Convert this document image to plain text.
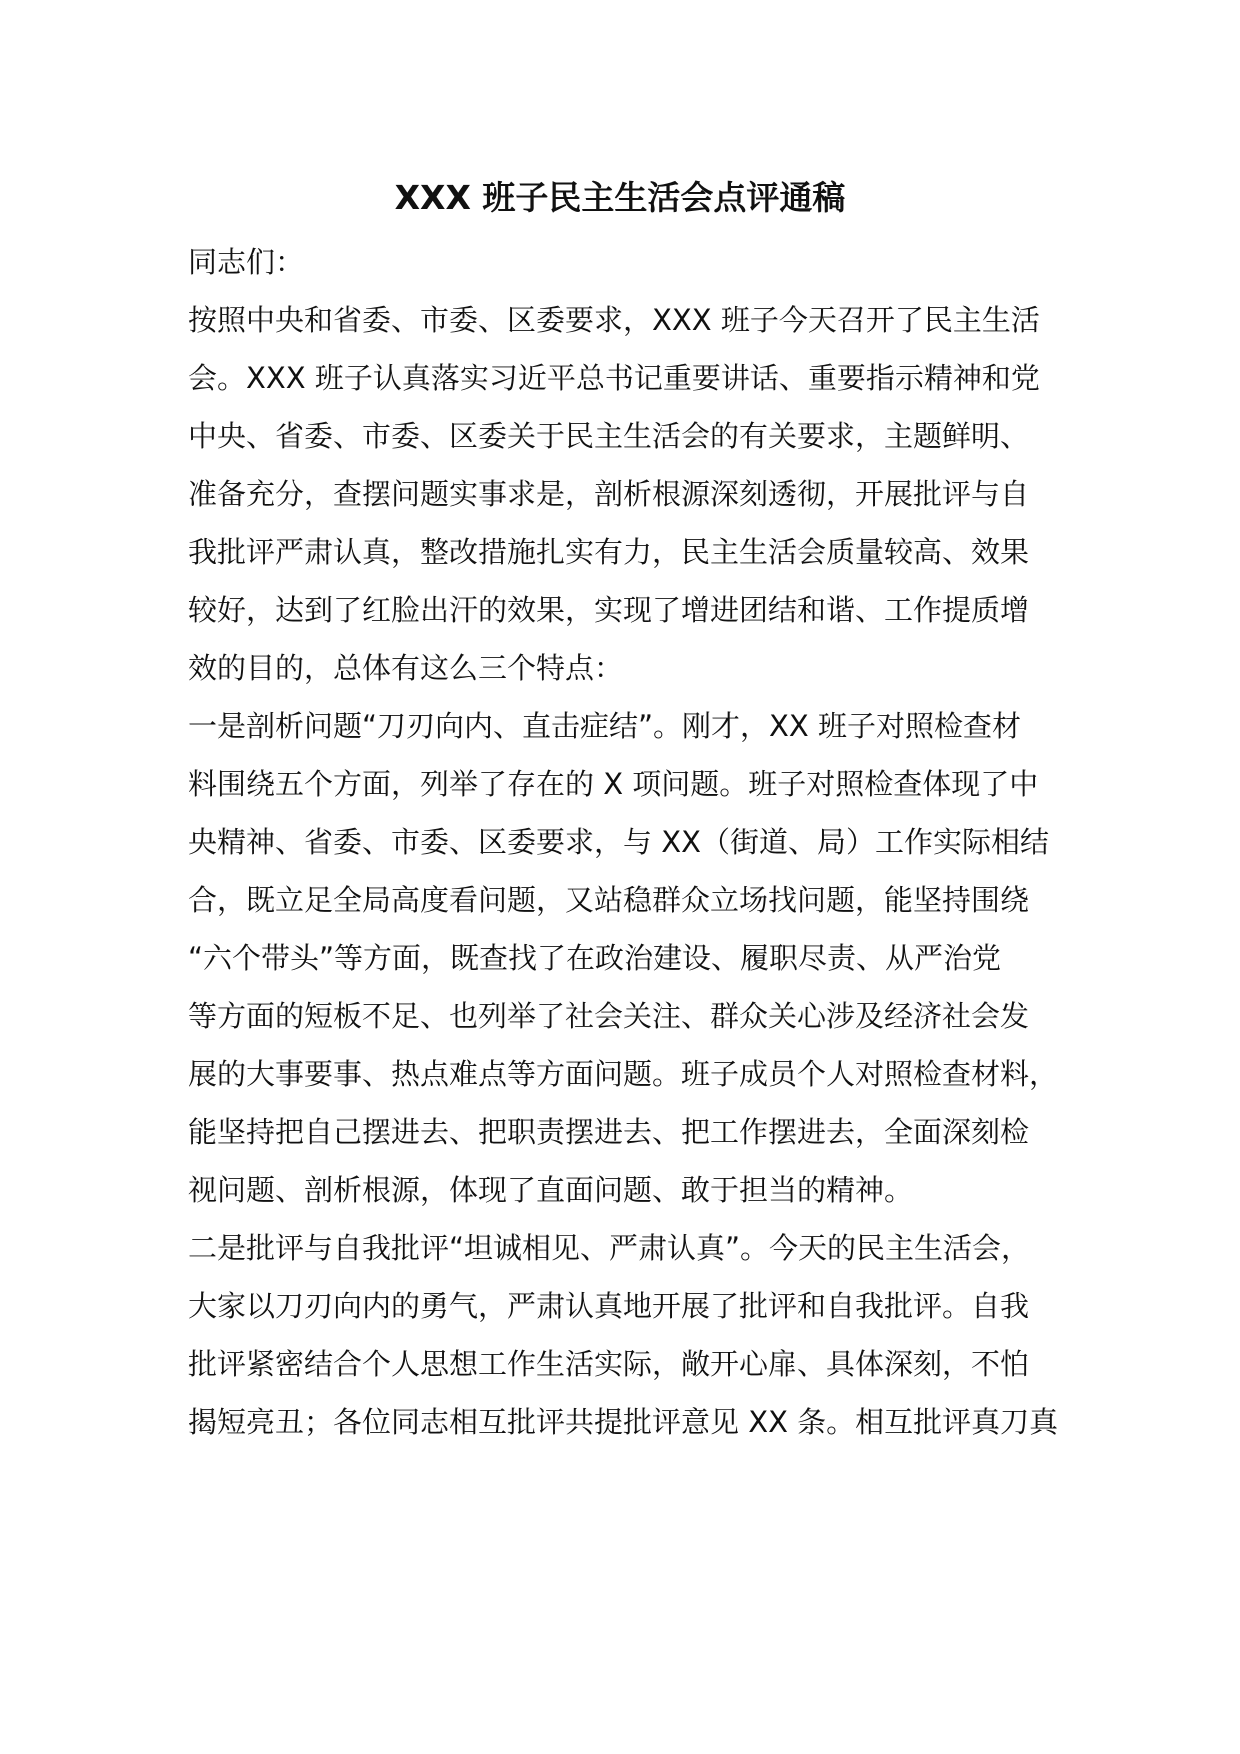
XXX 班子民主生活会点评通稿

同志们：

按照中央和省委、市委、区委要求，XXX 班子今天召开了民主生活

会。XXX 班子认真落实习近平总书记重要讲话、重要指示精神和党

中央、省委、市委、区委关于民主生活会的有关要求，主题鲜明、

准备充分，查摆问题实事求是，剖析根源深刻透彻，开展批评与自

我批评严肃认真，整改措施扎实有力，民主生活会质量较高、效果

较好，达到了红脸出汗的效果，实现了增进团结和谐、工作提质增

效的目的，总体有这么三个特点：

一是剖析问题“刀刃向内、直击症结”。刚才，XX 班子对照检查材

料围绕五个方面，列举了存在的 X 项问题。班子对照检查体现了中

央精神、省委、市委、区委要求，与 XX（街道、局）工作实际相结

合，既立足全局高度看问题，又站稳群众立场找问题，能坚持围绕

“六个带头”等方面，既查找了在政治建设、履职尽责、从严治党

等方面的短板不足、也列举了社会关注、群众关心涉及经济社会发

展的大事要事、热点难点等方面问题。班子成员个人对照检查材料，

能坚持把自己摆进去、把职责摆进去、把工作摆进去，全面深刻检

视问题、剖析根源，体现了直面问题、敢于担当的精神。

二是批评与自我批评“坦诚相见、严肃认真”。今天的民主生活会，

大家以刀刃向内的勇气，严肃认真地开展了批评和自我批评。自我

批评紧密结合个人思想工作生活实际，敞开心扉、具体深刻，不怕

揭短亮丑；各位同志相互批评共提批评意见 XX 条。相互批评真刀真
